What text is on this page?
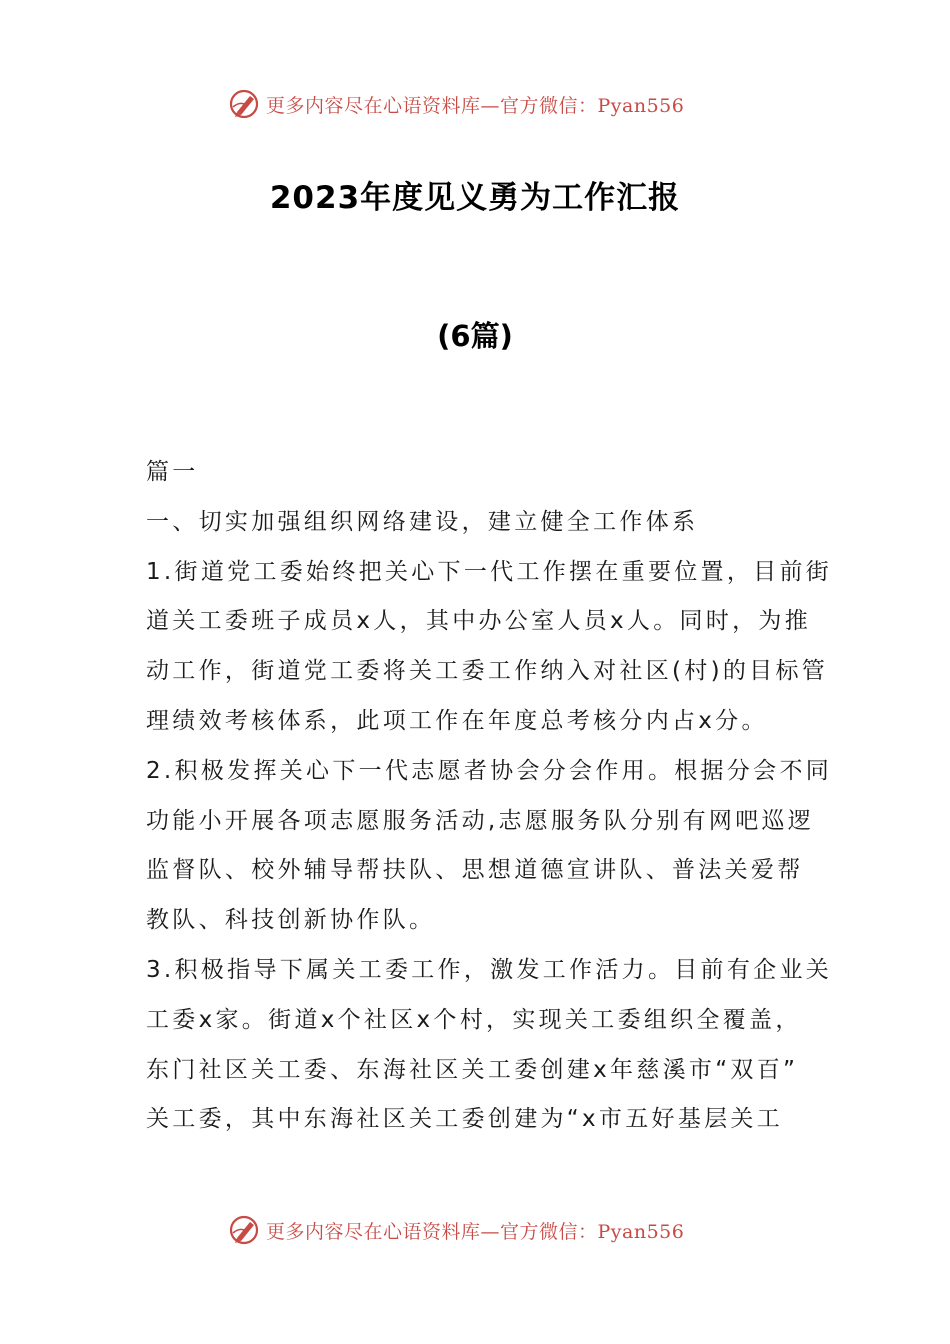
更多内容尽在心语资料库—官方微信：Pyan556
2023年度见义勇为工作汇报
(6篇)
篇一
一、切实加强组织网络建设，建立健全工作体系
1.街道党工委始终把关心下一代工作摆在重要位置，目前街
道关工委班子成员x人，其中办公室人员x人。同时，为推
动工作，街道党工委将关工委工作纳入对社区(村)的目标管
理绩效考核体系，此项工作在年度总考核分内占x分。
2.积极发挥关心下一代志愿者协会分会作用。根据分会不同
功能小开展各项志愿服务活动,志愿服务队分别有网吧巡逻
监督队、校外辅导帮扶队、思想道德宣讲队、普法关爱帮
教队、科技创新协作队。
3.积极指导下属关工委工作，激发工作活力。目前有企业关
工委x家。街道x个社区x个村，实现关工委组织全覆盖，
东门社区关工委、东海社区关工委创建x年慈溪市“双百”
关工委，其中东海社区关工委创建为“x市五好基层关工
更多内容尽在心语资料库—官方微信：Pyan556
